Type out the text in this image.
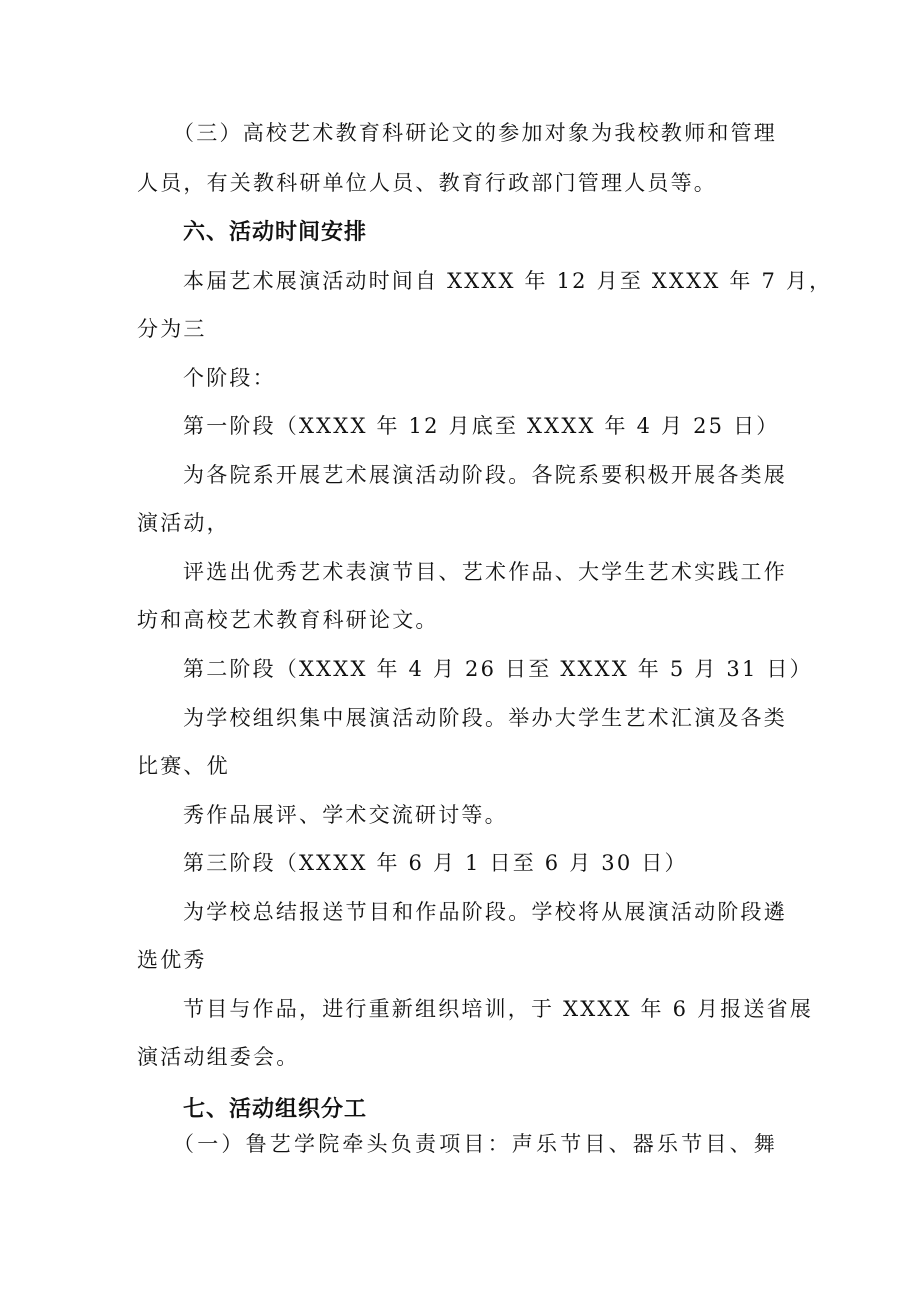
（三）高校艺术教育科研论文的参加对象为我校教师和管理
人员，有关教科研单位人员、教育行政部门管理人员等。
六、活动时间安排
本届艺术展演活动时间自 XXXX 年 12 月至 XXXX 年 7 月，
分为三
个阶段：
第一阶段（XXXX 年 12 月底至 XXXX 年 4 月 25 日）
为各院系开展艺术展演活动阶段。各院系要积极开展各类展
演活动，
评选出优秀艺术表演节目、艺术作品、大学生艺术实践工作
坊和高校艺术教育科研论文。
第二阶段（XXXX 年 4 月 26 日至 XXXX 年 5 月 31 日）
为学校组织集中展演活动阶段。举办大学生艺术汇演及各类
比赛、优
秀作品展评、学术交流研讨等。
第三阶段（XXXX 年 6 月 1 日至 6 月 30 日）
为学校总结报送节目和作品阶段。学校将从展演活动阶段遴
选优秀
节目与作品，进行重新组织培训，于 XXXX 年 6 月报送省展
演活动组委会。
七、活动组织分工
（一）鲁艺学院牵头负责项目：声乐节目、器乐节目、舞
